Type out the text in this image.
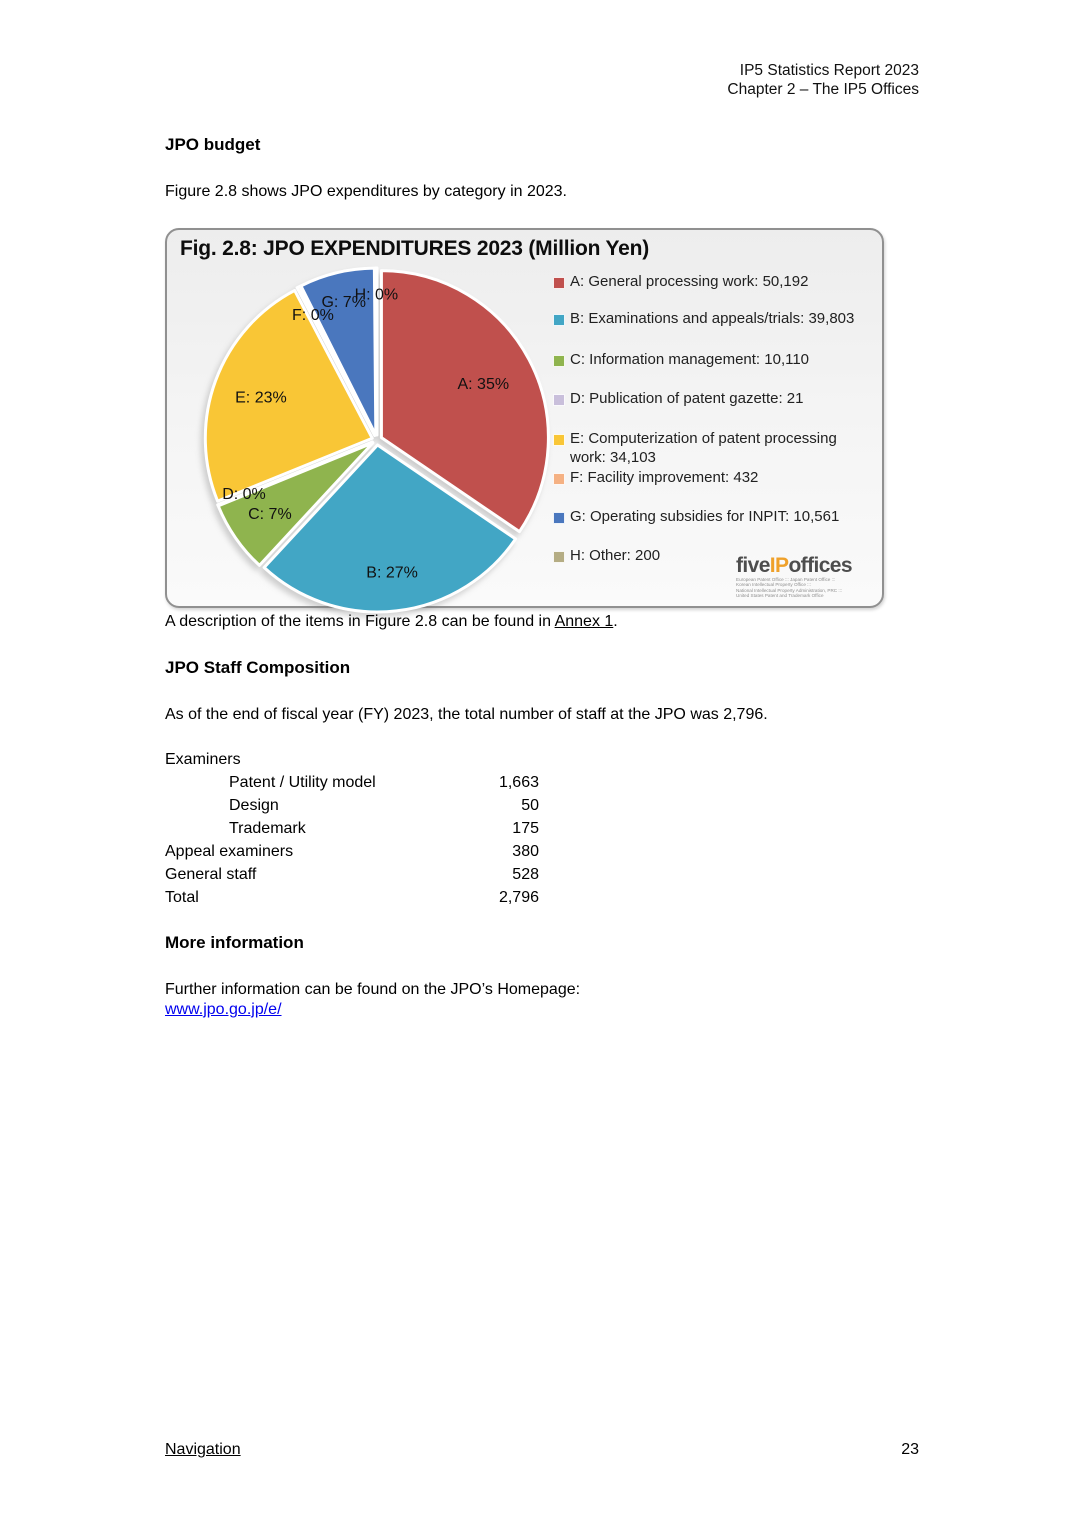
IP5 Statistics Report 2023
Chapter 2 – The IP5 Offices
JPO budget
Figure 2.8 shows JPO expenditures by category in 2023.
Fig. 2.8: JPO EXPENDITURES 2023 (Million Yen)
A: 35%
B: 27%
C: 7%
D: 0%
E: 23%
F: 0%
G: 7%
H: 0%
A: General processing work: 50,192
B: Examinations and appeals/trials: 39,803
C: Information management: 10,110
D: Publication of patent gazette: 21
E: Computerization of patent processing work: 34,103
F: Facility improvement: 432
G: Operating subsidies for INPIT: 10,561
H: Other: 200	fiveIPoffices
European Patent Office ::: Japan Patent Office :::
Korean Intellectual Property Office :::
National Intellectual Property Administration, PRC :::
United States Patent and Trademark Office
A description of the items in Figure 2.8 can be found in Annex 1.
JPO Staff Composition
As of the end of fiscal year (FY) 2023, the total number of staff at the JPO was 2,796.
Examiners
Patent / Utility model	1,663
Design	50
Trademark	175
Appeal examiners	380
General staff	528
Total	2,796
More information
Further information can be found on the JPO’s Homepage:
www.jpo.go.jp/e/
Navigation	23
